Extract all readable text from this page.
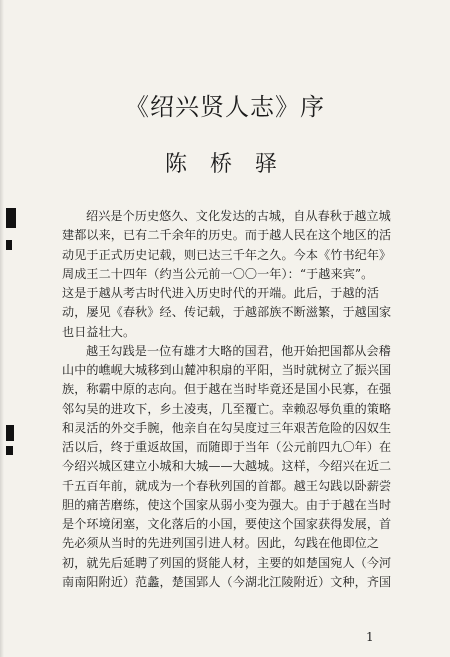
《绍兴贤人志》序
陈 桥 驿
绍兴是个历史悠久、文化发达的古城，自从春秋于越立城
建都以来，已有二千余年的历史。而于越人民在这个地区的活
动见于正式历史记载，则已达三千年之久。今本《竹书纪年》
周成王二十四年（约当公元前一〇〇一年）：“于越来宾”。
这是于越从考古时代进入历史时代的开端。此后，于越的活
动，屡见《春秋》经、传记载，于越部族不断滋繁，于越国家
也日益壮大。
越王勾践是一位有雄才大略的国君，他开始把国都从会稽
山中的嶕岘大城移到山麓冲积扇的平阳，当时就树立了振兴国
族，称霸中原的志向。但于越在当时毕竟还是国小民寡，在强
邻勾吴的进攻下，乡土凌夷，几至覆亡。幸赖忍辱负重的策略
和灵活的外交手腕，他亲自在勾吴度过三年艰苦危险的囚奴生
活以后，终于重返故国，而随即于当年（公元前四九〇年）在
今绍兴城区建立小城和大城——大越城。这样，今绍兴在近二
千五百年前，就成为一个春秋列国的首都。越王勾践以卧薪尝
胆的痛苦磨练，使这个国家从弱小变为强大。由于于越在当时
是个环境闭塞，文化落后的小国，要使这个国家获得发展，首
先必须从当时的先进列国引进人材。因此，勾践在他即位之
初，就先后延聘了列国的贤能人材，主要的如楚国宛人（今河
南南阳附近）范蠡，楚国郢人（今湖北江陵附近）文种，齐国
1
